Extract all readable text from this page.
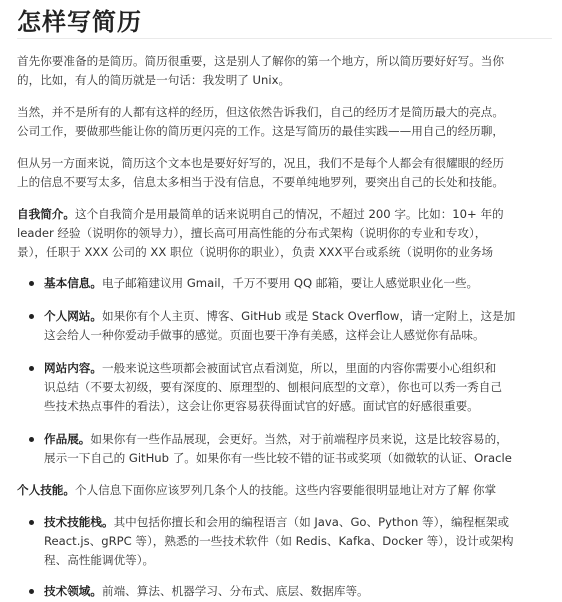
怎样写简历

首先你要准备的是简历。简历很重要，这是别人了解你的第一个地方，所以简历要好好写。当你

的，比如，有人的简历就是一句话：我发明了 Unix。

当然，并不是所有的人都有这样的经历，但这依然告诉我们，自己的经历才是简历最大的亮点。

公司工作，要做那些能让你的简历更闪亮的工作。这是写简历的最佳实践——用自己的经历聊，

但从另一方面来说，简历这个文本也是要好好写的，况且，我们不是每个人都会有很耀眼的经历

上的信息不要写太多，信息太多相当于没有信息，不要单纯地罗列，要突出自己的长处和技能。

自我简介。这个自我简介是用最简单的话来说明自己的情况，不超过 200 字。比如：10+ 年的

leader 经验（说明你的领导力），擅长高可用高性能的分布式架构（说明你的专业和专攻），

景），任职于 XXX 公司的 XX 职位（说明你的职业），负责 XXX平台或系统（说明你的业务场

基本信息。电子邮箱建议用 Gmail，千万不要用 QQ 邮箱，要让人感觉职业化一些。

个人网站。如果你有个人主页、博客、GitHub 或是 Stack Overflow，请一定附上，这是加

这会给人一种你爱动手做事的感觉。页面也要干净有美感，这样会让人感觉你有品味。

网站内容。一般来说这些项都会被面试官点看浏览，所以，里面的内容你需要小心组织和

识总结（不要太初级，要有深度的、原理型的、刨根问底型的文章），你也可以秀一秀自己

些技术热点事件的看法），这会让你更容易获得面试官的好感。面试官的好感很重要。

作品展。如果你有一些作品展现，会更好。当然，对于前端程序员来说，这是比较容易的，

展示一下自己的 GitHub 了。如果你有一些比较不错的证书或奖项（如微软的认证、Oracle

个人技能。个人信息下面你应该罗列几条个人的技能。这些内容要能很明显地让对方了解 你掌

技术技能栈。其中包括你擅长和会用的编程语言（如 Java、Go、Python 等），编程框架或

React.js、gRPC 等），熟悉的一些技术软件（如 Redis、Kafka、Docker 等），设计或架构

程、高性能调优等）。

技术领域。前端、算法、机器学习、分布式、底层、数据库等。
